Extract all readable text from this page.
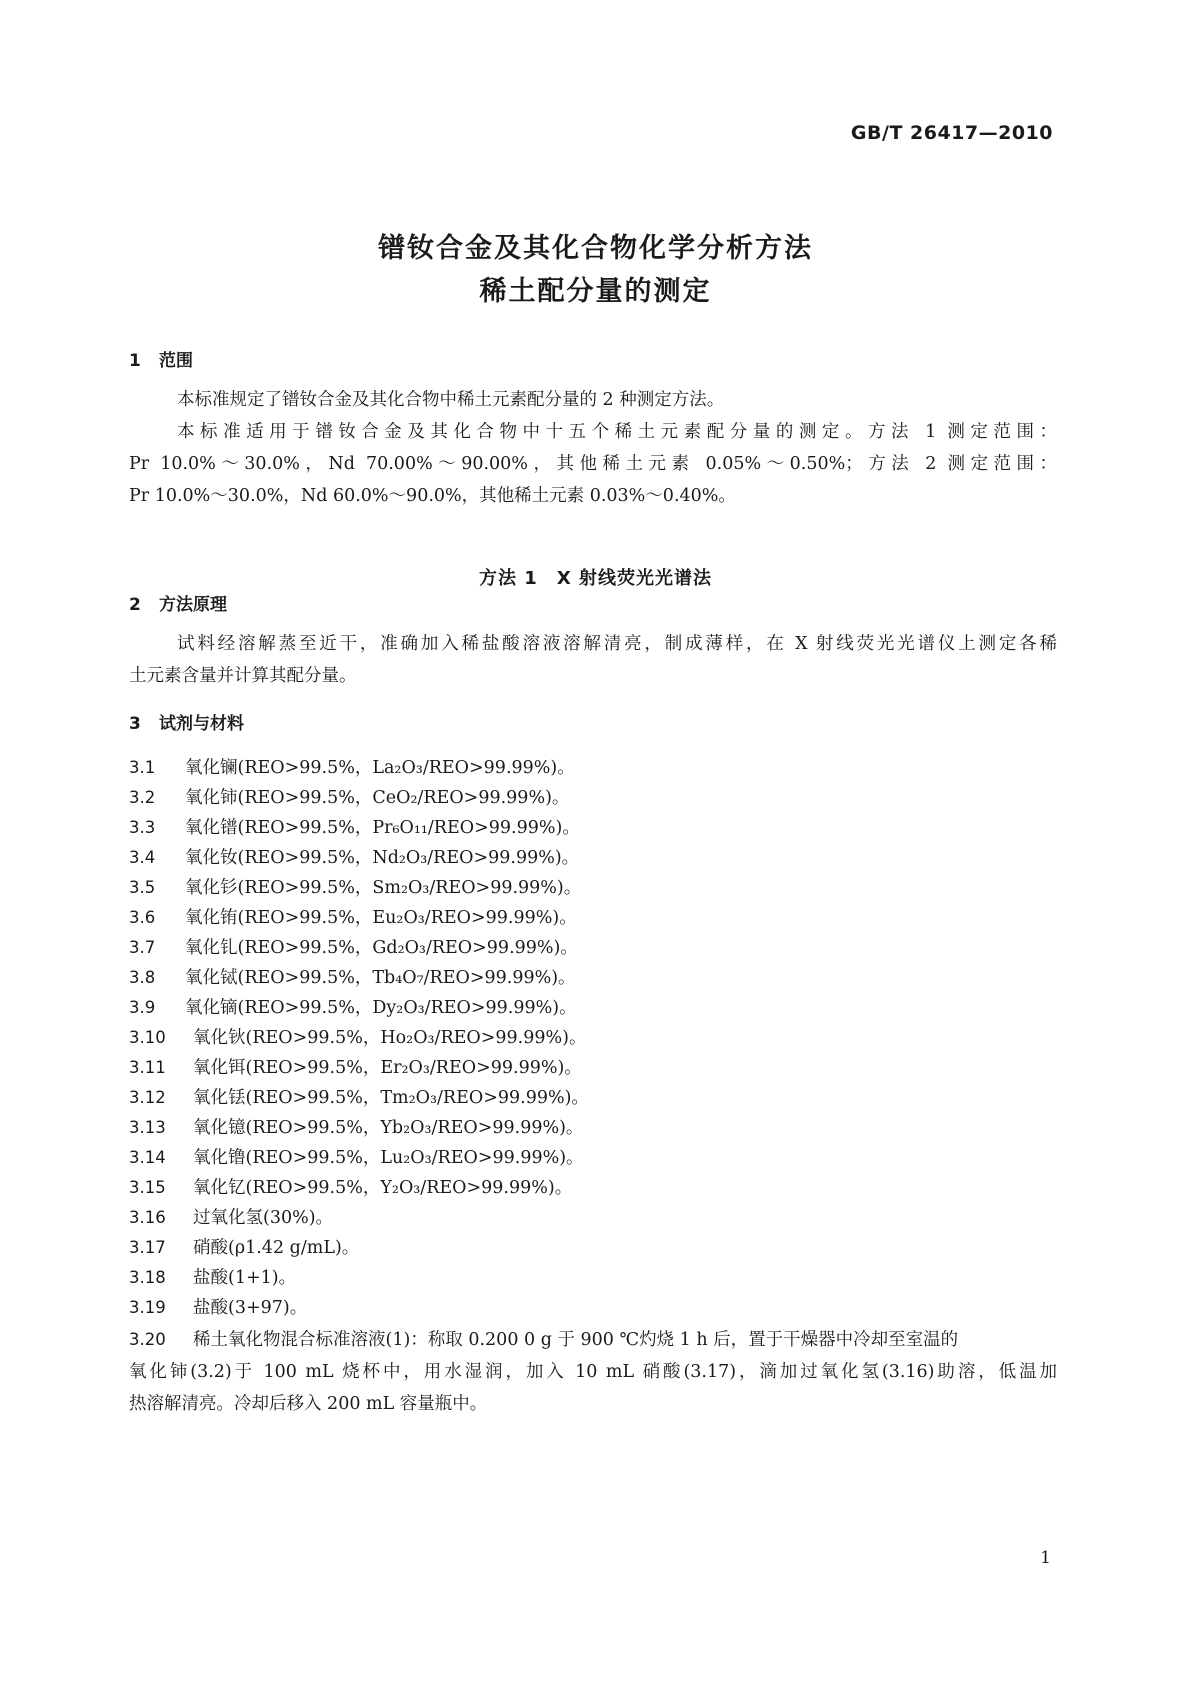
GB/T 26417—2010
镨钕合金及其化合物化学分析方法
稀土配分量的测定
1 范围
本标准规定了镨钕合金及其化合物中稀土元素配分量的 2 种测定方法。
本标准适用于镨钕合金及其化合物中十五个稀土元素配分量的测定。方法 1 测定范围：
Pr 10.0%～30.0%，Nd 70.00%～90.00%，其他稀土元素 0.05%～0.50%；方法 2 测定范围：
Pr 10.0%～30.0%，Nd 60.0%～90.0%，其他稀土元素 0.03%～0.40%。
方法 1　X 射线荧光光谱法
2 方法原理
试料经溶解蒸至近干，准确加入稀盐酸溶液溶解清亮，制成薄样，在 X 射线荧光光谱仪上测定各稀
土元素含量并计算其配分量。
3 试剂与材料
3.1 氧化镧(REO>99.5%，La₂O₃/REO>99.99%)。
3.2 氧化铈(REO>99.5%，CeO₂/REO>99.99%)。
3.3 氧化镨(REO>99.5%，Pr₆O₁₁/REO>99.99%)。
3.4 氧化钕(REO>99.5%，Nd₂O₃/REO>99.99%)。
3.5 氧化钐(REO>99.5%，Sm₂O₃/REO>99.99%)。
3.6 氧化铕(REO>99.5%，Eu₂O₃/REO>99.99%)。
3.7 氧化钆(REO>99.5%，Gd₂O₃/REO>99.99%)。
3.8 氧化铽(REO>99.5%，Tb₄O₇/REO>99.99%)。
3.9 氧化镝(REO>99.5%，Dy₂O₃/REO>99.99%)。
3.10 氧化钬(REO>99.5%，Ho₂O₃/REO>99.99%)。
3.11 氧化铒(REO>99.5%，Er₂O₃/REO>99.99%)。
3.12 氧化铥(REO>99.5%，Tm₂O₃/REO>99.99%)。
3.13 氧化镱(REO>99.5%，Yb₂O₃/REO>99.99%)。
3.14 氧化镥(REO>99.5%，Lu₂O₃/REO>99.99%)。
3.15 氧化钇(REO>99.5%，Y₂O₃/REO>99.99%)。
3.16 过氧化氢(30%)。
3.17 硝酸(ρ1.42 g/mL)。
3.18 盐酸(1+1)。
3.19 盐酸(3+97)。
3.20 稀土氧化物混合标准溶液(1)：称取 0.200 0 g 于 900 ℃灼烧 1 h 后，置于干燥器中冷却至室温的
氧化铈(3.2)于 100 mL 烧杯中，用水湿润，加入 10 mL 硝酸(3.17)，滴加过氧化氢(3.16)助溶，低温加
热溶解清亮。冷却后移入 200 mL 容量瓶中。
1
